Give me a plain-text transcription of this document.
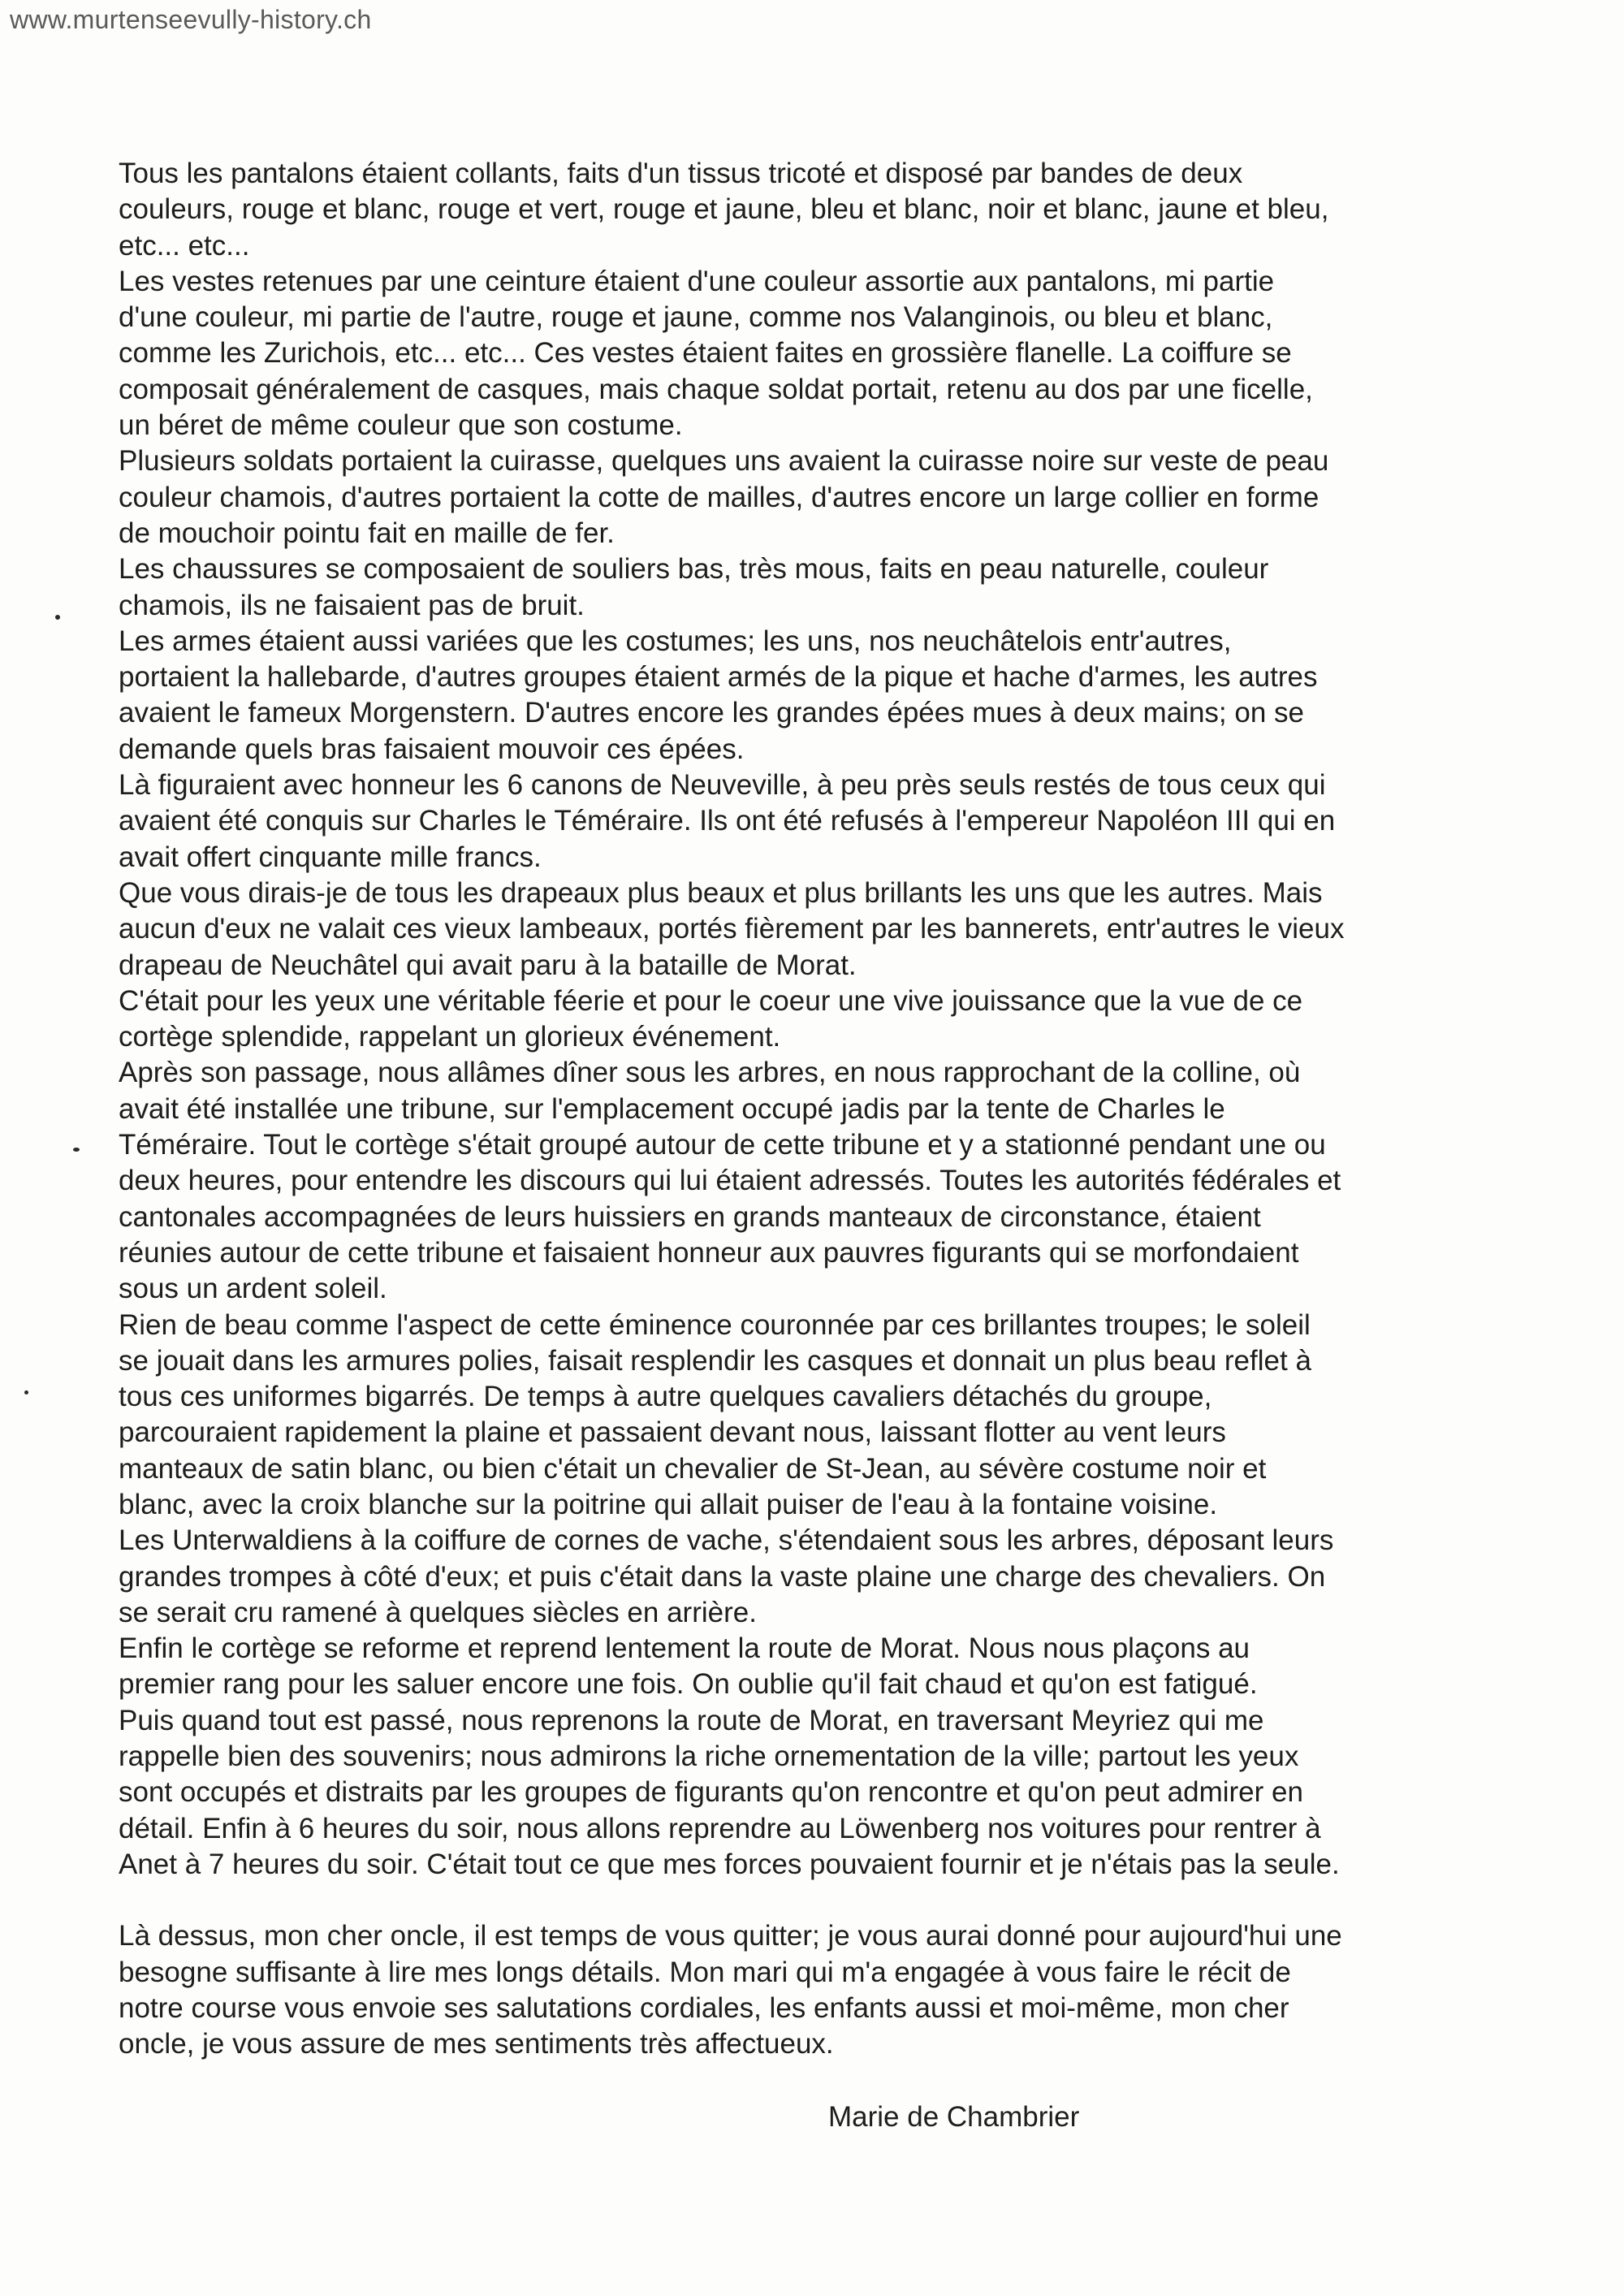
www.murtenseevully-history.ch
Tous les pantalons étaient collants, faits d'un tissus tricoté et disposé par bandes de deux
couleurs, rouge et blanc, rouge et vert, rouge et jaune, bleu et blanc, noir et blanc, jaune et bleu,
etc... etc...
Les vestes retenues par une ceinture étaient d'une couleur assortie aux pantalons, mi partie
d'une couleur, mi partie de l'autre, rouge et jaune, comme nos Valanginois, ou bleu et blanc,
comme les Zurichois, etc... etc... Ces vestes étaient faites en grossière flanelle. La coiffure se
composait généralement de casques, mais chaque soldat portait, retenu au dos par une ficelle,
un béret de même couleur que son costume.
Plusieurs soldats portaient la cuirasse, quelques uns avaient la cuirasse noire sur veste de peau
couleur chamois, d'autres portaient la cotte de mailles, d'autres encore un large collier en forme
de mouchoir pointu fait en maille de fer.
Les chaussures se composaient de souliers bas, très mous, faits en peau naturelle, couleur
chamois, ils ne faisaient pas de bruit.
Les armes étaient aussi variées que les costumes; les uns, nos neuchâtelois entr'autres,
portaient la hallebarde, d'autres groupes étaient armés de la pique et hache d'armes, les autres
avaient le fameux Morgenstern. D'autres encore les grandes épées mues à deux mains; on se
demande quels bras faisaient mouvoir ces épées.
Là figuraient avec honneur les 6 canons de Neuveville, à peu près seuls restés de tous ceux qui
avaient été conquis sur Charles le Téméraire. Ils ont été refusés à l'empereur Napoléon III qui en
avait offert cinquante mille francs.
Que vous dirais-je de tous les drapeaux plus beaux et plus brillants les uns que les autres. Mais
aucun d'eux ne valait ces vieux lambeaux, portés fièrement par les bannerets, entr'autres le vieux
drapeau de Neuchâtel qui avait paru à la bataille de Morat.
C'était pour les yeux une véritable féerie et pour le coeur une vive jouissance que la vue de ce
cortège splendide, rappelant un glorieux événement.
Après son passage, nous allâmes dîner sous les arbres, en nous rapprochant de la colline, où
avait été installée une tribune, sur l'emplacement occupé jadis par la tente de Charles le
Téméraire. Tout le cortège s'était groupé autour de cette tribune et y a stationné pendant une ou
deux heures, pour entendre les discours qui lui étaient adressés. Toutes les autorités fédérales et
cantonales accompagnées de leurs huissiers en grands manteaux de circonstance, étaient
réunies autour de cette tribune et faisaient honneur aux pauvres figurants qui se morfondaient
sous un ardent soleil.
Rien de beau comme l'aspect de cette éminence couronnée par ces brillantes troupes; le soleil
se jouait dans les armures polies, faisait resplendir les casques et donnait un plus beau reflet à
tous ces uniformes bigarrés. De temps à autre quelques cavaliers détachés du groupe,
parcouraient rapidement la plaine et passaient devant nous, laissant flotter au vent leurs
manteaux de satin blanc, ou bien c'était un chevalier de St-Jean, au sévère costume noir et
blanc, avec la croix blanche sur la poitrine qui allait puiser de l'eau à la fontaine voisine.
Les Unterwaldiens à la coiffure de cornes de vache, s'étendaient sous les arbres, déposant leurs
grandes trompes à côté d'eux; et puis c'était dans la vaste plaine une charge des chevaliers. On
se serait cru ramené à quelques siècles en arrière.
Enfin le cortège se reforme et reprend lentement la route de Morat. Nous nous plaçons au
premier rang pour les saluer encore une fois. On oublie qu'il fait chaud et qu'on est fatigué.
Puis quand tout est passé, nous reprenons la route de Morat, en traversant Meyriez qui me
rappelle bien des souvenirs; nous admirons la riche ornementation de la ville; partout les yeux
sont occupés et distraits par les groupes de figurants qu'on rencontre et qu'on peut admirer en
détail. Enfin à 6 heures du soir, nous allons reprendre au Löwenberg nos voitures pour rentrer à
Anet à 7 heures du soir. C'était tout ce que mes forces pouvaient fournir et je n'étais pas la seule.
Là dessus, mon cher oncle, il est temps de vous quitter; je vous aurai donné pour aujourd'hui une
besogne suffisante à lire mes longs détails. Mon mari qui m'a engagée à vous faire le récit de
notre course vous envoie ses salutations cordiales, les enfants aussi et moi-même, mon cher
oncle, je vous assure de mes sentiments très affectueux.
Marie de Chambrier
